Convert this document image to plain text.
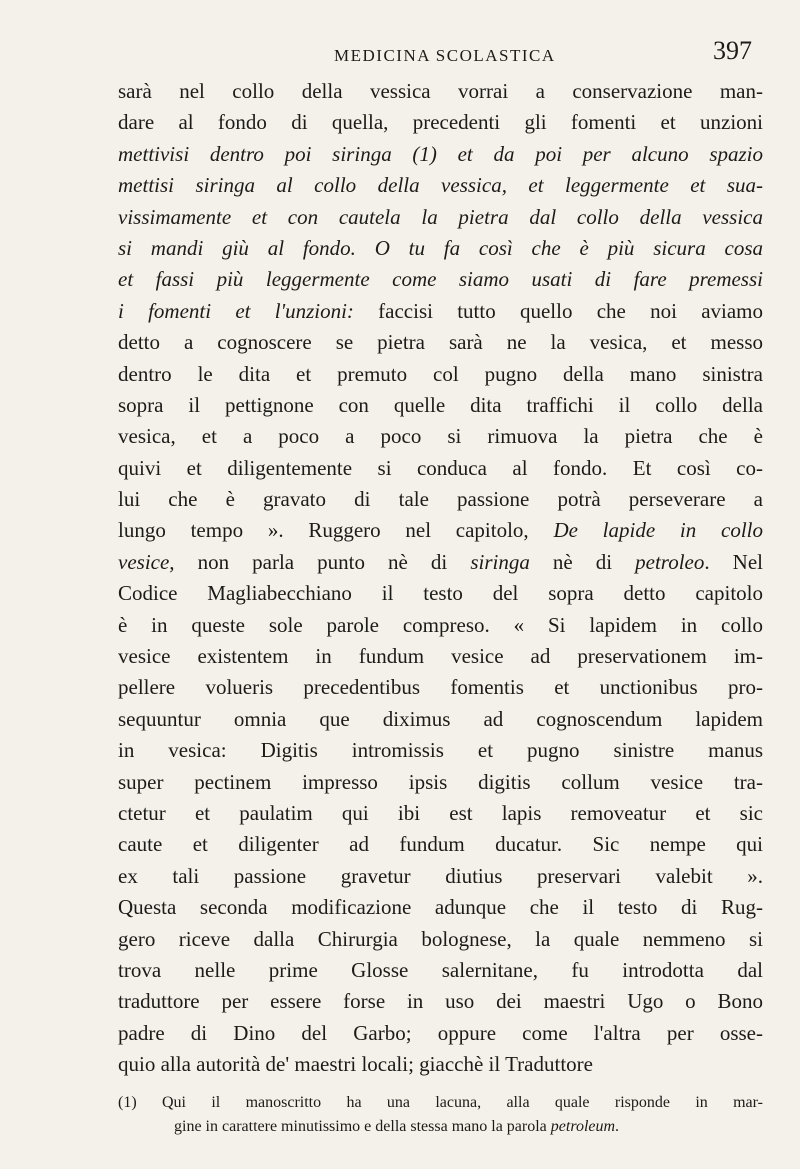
MEDICINA SCOLASTICA	397
sarà nel collo della vessica vorrai a conservazione man-
dare al fondo di quella, precedenti gli fomenti et unzioni
mettivisi dentro poi siringa (1) et da poi per alcuno spazio
mettisi siringa al collo della vessica, et leggermente et sua-
vissimamente et con cautela la pietra dal collo della vessica
si mandi giù al fondo. O tu fa così che è più sicura cosa
et fassi più leggermente come siamo usati di fare premessi
i fomenti et l'unzioni: faccisi tutto quello che noi aviamo
detto a cognoscere se pietra sarà ne la vesica, et messo
dentro le dita et premuto col pugno della mano sinistra
sopra il pettignone con quelle dita traffichi il collo della
vesica, et a poco a poco si rimuova la pietra che è
quivi et diligentemente si conduca al fondo. Et così co-
lui che è gravato di tale passione potrà perseverare a
lungo tempo ». Ruggero nel capitolo, De lapide in collo
vesice, non parla punto nè di siringa nè di petroleo. Nel
Codice Magliabecchiano il testo del sopra detto capitolo
è in queste sole parole compreso. « Si lapidem in collo
vesice existentem in fundum vesice ad preservationem im-
pellere volueris precedentibus fomentis et unctionibus pro-
sequuntur omnia que diximus ad cognoscendum lapidem
in vesica: Digitis intromissis et pugno sinistre manus
super pectinem impresso ipsis digitis collum vesice tra-
ctetur et paulatim qui ibi est lapis removeatur et sic
caute et diligenter ad fundum ducatur. Sic nempe qui
ex tali passione gravetur diutius preservari valebit ».
Questa seconda modificazione adunque che il testo di Rug-
gero riceve dalla Chirurgia bolognese, la quale nemmeno si
trova nelle prime Glosse salernitane, fu introdotta dal
traduttore per essere forse in uso dei maestri Ugo o Bono
padre di Dino del Garbo; oppure come l'altra per osse-
quio alla autorità de' maestri locali; giacchè il Traduttore
(1) Qui il manoscritto ha una lacuna, alla quale risponde in mar-
gine in carattere minutissimo e della stessa mano la parola petroleum.
